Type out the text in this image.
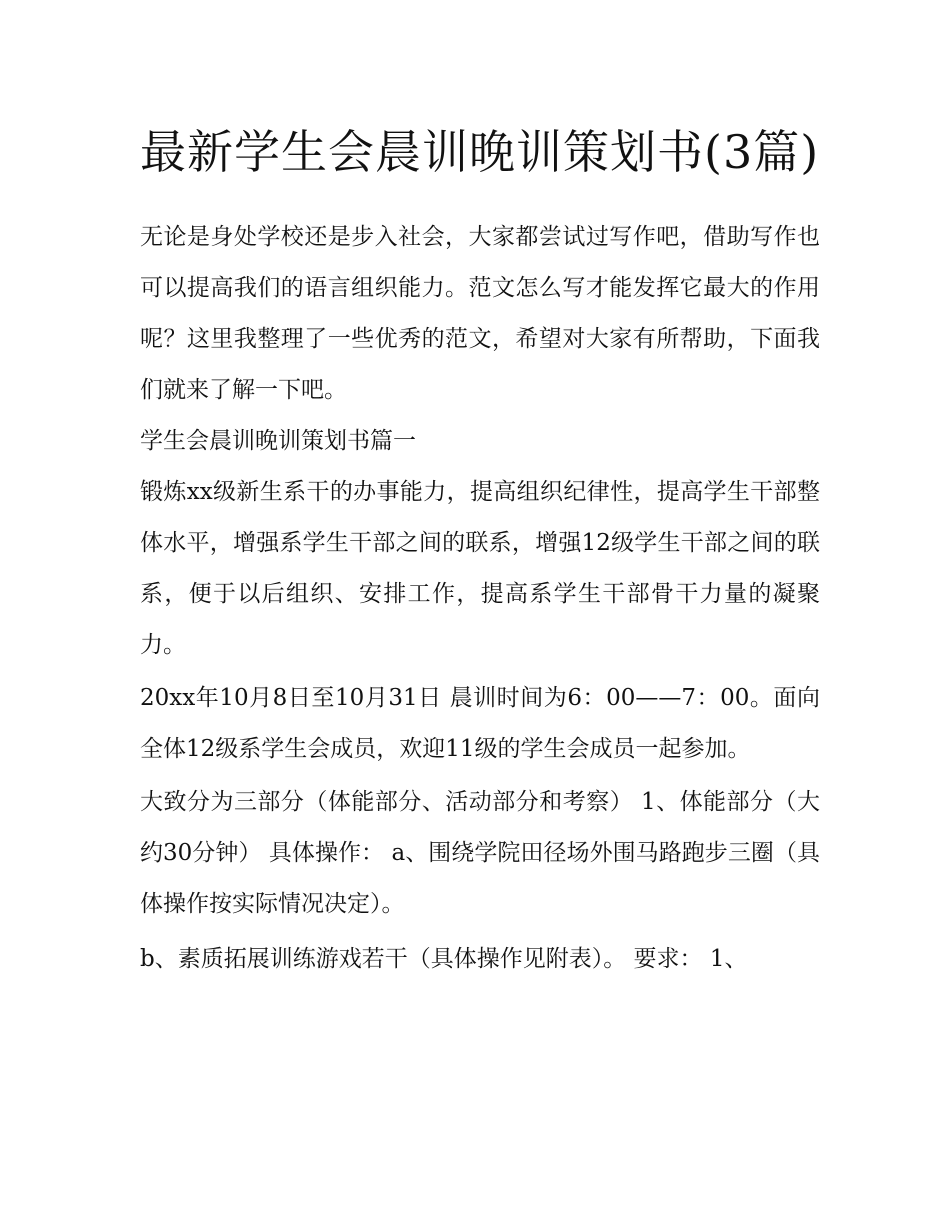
最新学生会晨训晚训策划书(3篇)

无论是身处学校还是步入社会，大家都尝试过写作吧，借助写作也可以提高我们的语言组织能力。范文怎么写才能发挥它最大的作用呢？这里我整理了一些优秀的范文，希望对大家有所帮助，下面我们就来了解一下吧。

学生会晨训晚训策划书篇一

锻炼xx级新生系干的办事能力，提高组织纪律性，提高学生干部整体水平，增强系学生干部之间的联系，增强12级学生干部之间的联系，便于以后组织、安排工作，提高系学生干部骨干力量的凝聚力。

20xx年10月8日至10月31日 晨训时间为6：00——7：00。面向全体12级系学生会成员，欢迎11级的学生会成员一起参加。

大致分为三部分（体能部分、活动部分和考察） 1、体能部分（大约30分钟） 具体操作： a、围绕学院田径场外围马路跑步三圈（具体操作按实际情况决定）。

b、素质拓展训练游戏若干（具体操作见附表）。 要求： 1、
